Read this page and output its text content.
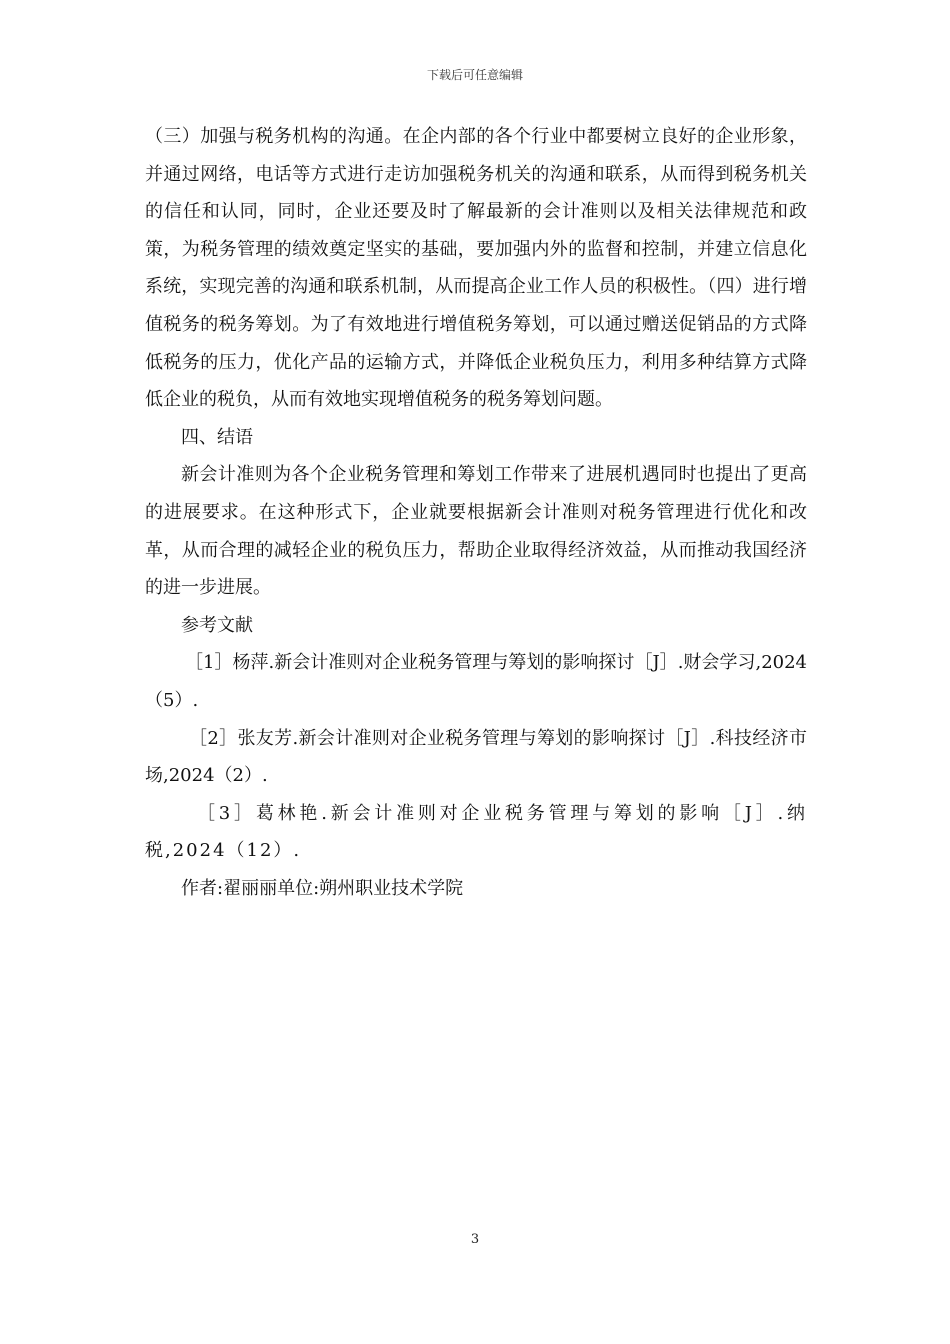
下载后可任意编辑

（三）加强与税务机构的沟通。在企内部的各个行业中都要树立良好的企业形象，并通过网络，电话等方式进行走访加强税务机关的沟通和联系，从而得到税务机关的信任和认同，同时，企业还要及时了解最新的会计准则以及相关法律规范和政策，为税务管理的绩效奠定坚实的基础，要加强内外的监督和控制，并建立信息化系统，实现完善的沟通和联系机制，从而提高企业工作人员的积极性。（四）进行增值税务的税务筹划。为了有效地进行增值税务筹划，可以通过赠送促销品的方式降低税务的压力，优化产品的运输方式，并降低企业税负压力，利用多种结算方式降低企业的税负，从而有效地实现增值税务的税务筹划问题。

四、结语

新会计准则为各个企业税务管理和筹划工作带来了进展机遇同时也提出了更高的进展要求。在这种形式下，企业就要根据新会计准则对税务管理进行优化和改革，从而合理的减轻企业的税负压力，帮助企业取得经济效益，从而推动我国经济的进一步进展。

参考文献

［1］杨萍.新会计准则对企业税务管理与筹划的影响探讨［J］.财会学习,2024（5）.

［2］张友芳.新会计准则对企业税务管理与筹划的影响探讨［J］.科技经济市场,2024（2）.

［3］葛林艳.新会计准则对企业税务管理与筹划的影响［J］.纳税,2024（12）.

作者:翟丽丽单位:朔州职业技术学院

3
